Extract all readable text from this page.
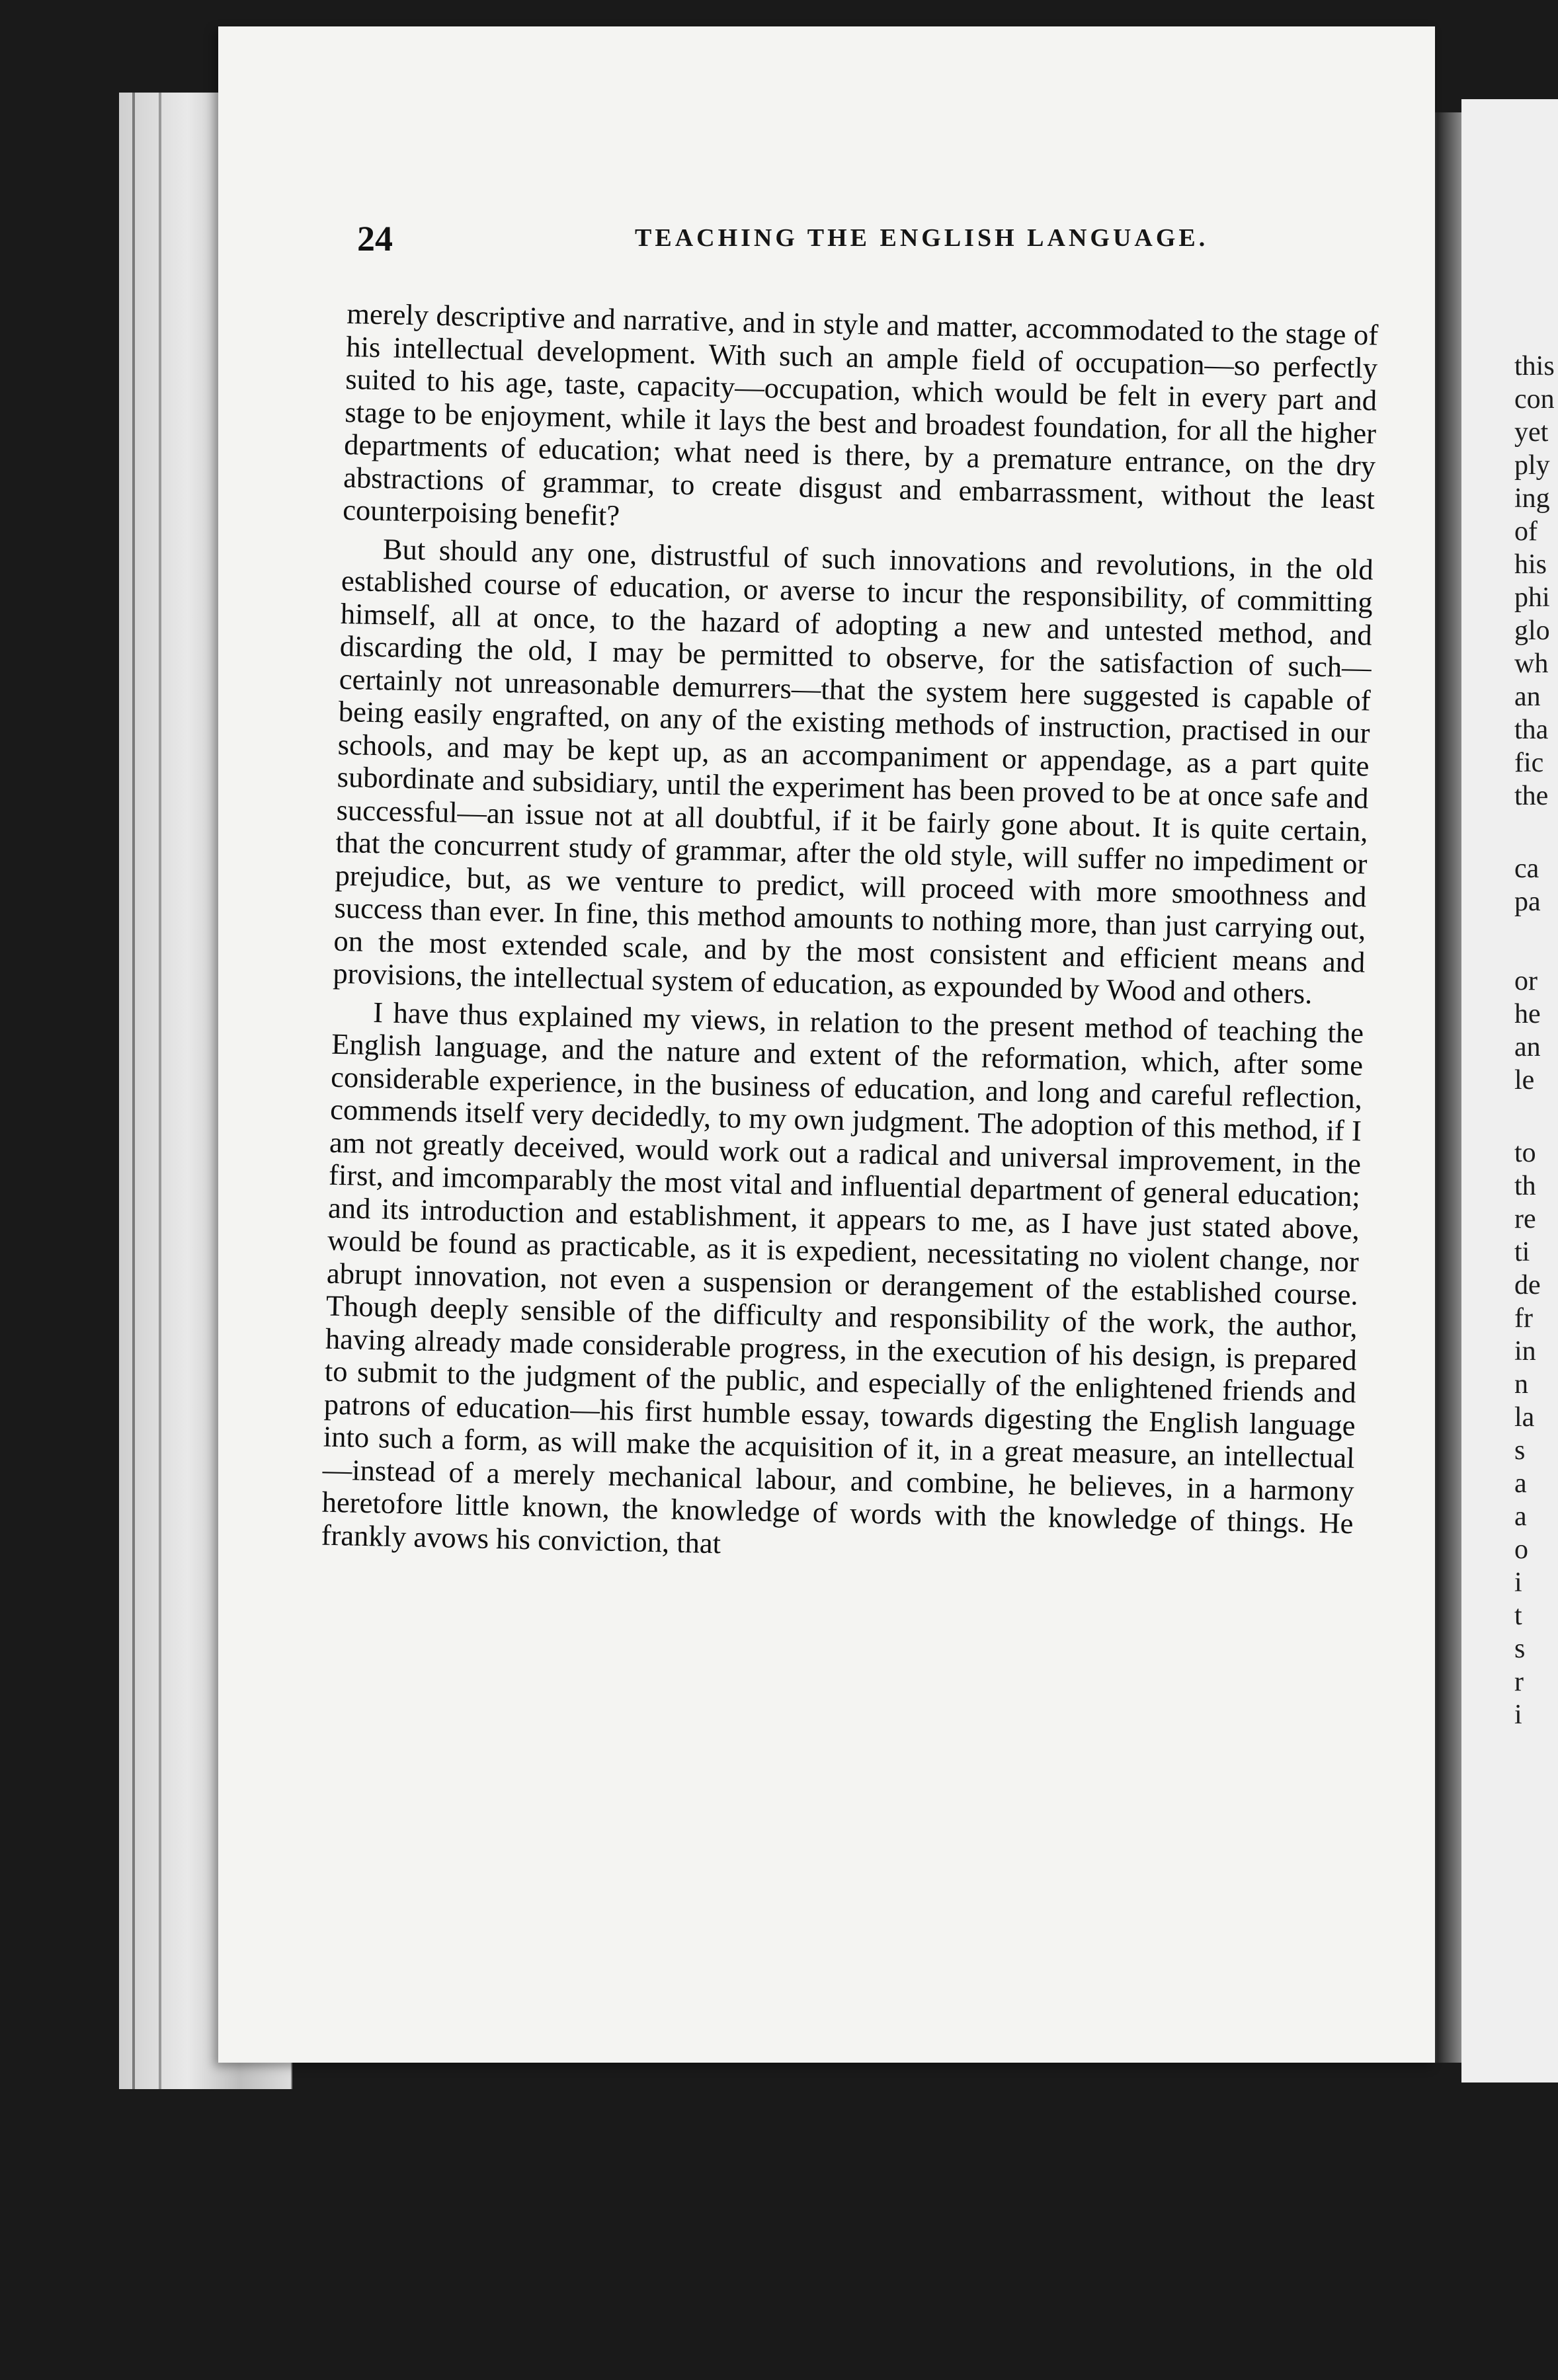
this
con
yet
ply
ing
of
his
phi
glo
wh
an
tha
fic
the
ca
pa
or
he
an
le
to
th
re
ti
de
fr
in
n
la
s
a
a
o
i
t
s
r
i
24	TEACHING THE ENGLISH LANGUAGE.

merely descriptive and narrative, and in style and matter, accommodated to the stage of his intellectual development. With such an ample field of occupation—so perfectly suited to his age, taste, capacity—occupation, which would be felt in every part and stage to be enjoyment, while it lays the best and broadest foundation, for all the higher departments of education; what need is there, by a premature entrance, on the dry abstractions of grammar, to create disgust and embarrassment, without the least counterpoising benefit?

But should any one, distrustful of such innovations and revolutions, in the old established course of education, or averse to incur the responsibility, of committing himself, all at once, to the hazard of adopting a new and untested method, and discarding the old, I may be permitted to observe, for the satisfaction of such—certainly not unreasonable demurrers—that the system here suggested is capable of being easily engrafted, on any of the existing methods of instruction, practised in our schools, and may be kept up, as an accompaniment or appendage, as a part quite subordinate and subsidiary, until the experiment has been proved to be at once safe and successful—an issue not at all doubtful, if it be fairly gone about. It is quite certain, that the concurrent study of grammar, after the old style, will suffer no impediment or prejudice, but, as we venture to predict, will proceed with more smoothness and success than ever. In fine, this method amounts to nothing more, than just carrying out, on the most extended scale, and by the most consistent and efficient means and provisions, the intellectual system of education, as expounded by Wood and others.

I have thus explained my views, in relation to the present method of teaching the English language, and the nature and extent of the reformation, which, after some considerable experience, in the business of education, and long and careful reflection, commends itself very decidedly, to my own judgment. The adoption of this method, if I am not greatly deceived, would work out a radical and universal improvement, in the first, and imcomparably the most vital and influential department of general education; and its introduction and establishment, it appears to me, as I have just stated above, would be found as practicable, as it is expedient, necessitating no violent change, nor abrupt innovation, not even a suspension or derangement of the established course. Though deeply sensible of the difficulty and responsibility of the work, the author, having already made considerable progress, in the execution of his design, is prepared to submit to the judgment of the public, and especially of the enlightened friends and patrons of education—his first humble essay, towards digesting the English language into such a form, as will make the acquisition of it, in a great measure, an intellectual —instead of a merely mechanical labour, and combine, he believes, in a harmony heretofore little known, the knowledge of words with the knowledge of things. He frankly avows his conviction, that
